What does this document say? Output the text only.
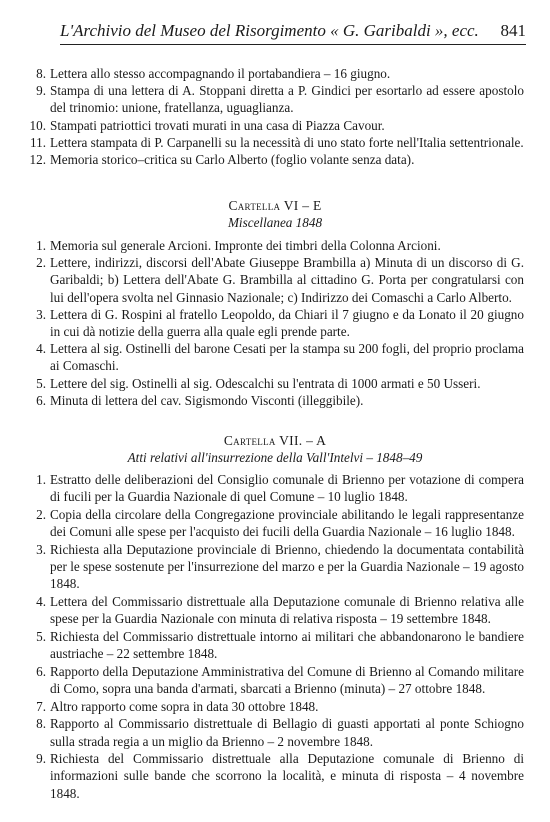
L'Archivio del Museo del Risorgimento « G. Garibaldi », ecc. 841
8. Lettera allo stesso accompagnando il portabandiera – 16 giugno.
9. Stampa di una lettera di A. Stoppani diretta a P. Gindici per esortarlo ad essere apostolo del trinomio: unione, fratellanza, uguaglianza.
10. Stampati patriottici trovati murati in una casa di Piazza Cavour.
11. Lettera stampata di P. Carpanelli su la necessità di uno stato forte nell'Italia settentrionale.
12. Memoria storico–critica su Carlo Alberto (foglio volante senza data).
Cartella VI – E
Miscellanea 1848
1. Memoria sul generale Arcioni. Impronte dei timbri della Colonna Arcioni.
2. Lettere, indirizzi, discorsi dell'Abate Giuseppe Brambilla a) Minuta di un discorso di G. Garibaldi; b) Lettera dell'Abate G. Brambilla al cittadino G. Porta per congratularsi con lui dell'opera svolta nel Ginnasio Nazionale; c) Indirizzo dei Comaschi a Carlo Alberto.
3. Lettera di G. Rospini al fratello Leopoldo, da Chiari il 7 giugno e da Lonato il 20 giugno in cui dà notizie della guerra alla quale egli prende parte.
4. Lettera al sig. Ostinelli del barone Cesati per la stampa su 200 fogli, del proprio proclama ai Comaschi.
5. Lettere del sig. Ostinelli al sig. Odescalchi su l'entrata di 1000 armati e 50 Usseri.
6. Minuta di lettera del cav. Sigismondo Visconti (illeggibile).
Cartella VII. – A
Atti relativi all'insurrezione della Vall'Intelvi – 1848–49
1. Estratto delle deliberazioni del Consiglio comunale di Brienno per votazione di compera di fucili per la Guardia Nazionale di quel Comune – 10 luglio 1848.
2. Copia della circolare della Congregazione provinciale abilitando le legali rappresentanze dei Comuni alle spese per l'acquisto dei fucili della Guardia Nazionale – 16 luglio 1848.
3. Richiesta alla Deputazione provinciale di Brienno, chiedendo la documentata contabilità per le spese sostenute per l'insurrezione del marzo e per la Guardia Nazionale – 19 agosto 1848.
4. Lettera del Commissario distrettuale alla Deputazione comunale di Brienno relativa alle spese per la Guardia Nazionale con minuta di relativa risposta – 19 settembre 1848.
5. Richiesta del Commissario distrettuale intorno ai militari che abbandonarono le bandiere austriache – 22 settembre 1848.
6. Rapporto della Deputazione Amministrativa del Comune di Brienno al Comando militare di Como, sopra una banda d'armati, sbarcati a Brienno (minuta) – 27 ottobre 1848.
7. Altro rapporto come sopra in data 30 ottobre 1848.
8. Rapporto al Commissario distrettuale di Bellagio di guasti apportati al ponte Schiogno sulla strada regia a un miglio da Brienno – 2 novembre 1848.
9. Richiesta del Commissario distrettuale alla Deputazione comunale di Brienno di informazioni sulle bande che scorrono la località, e minuta di risposta – 4 novembre 1848.
